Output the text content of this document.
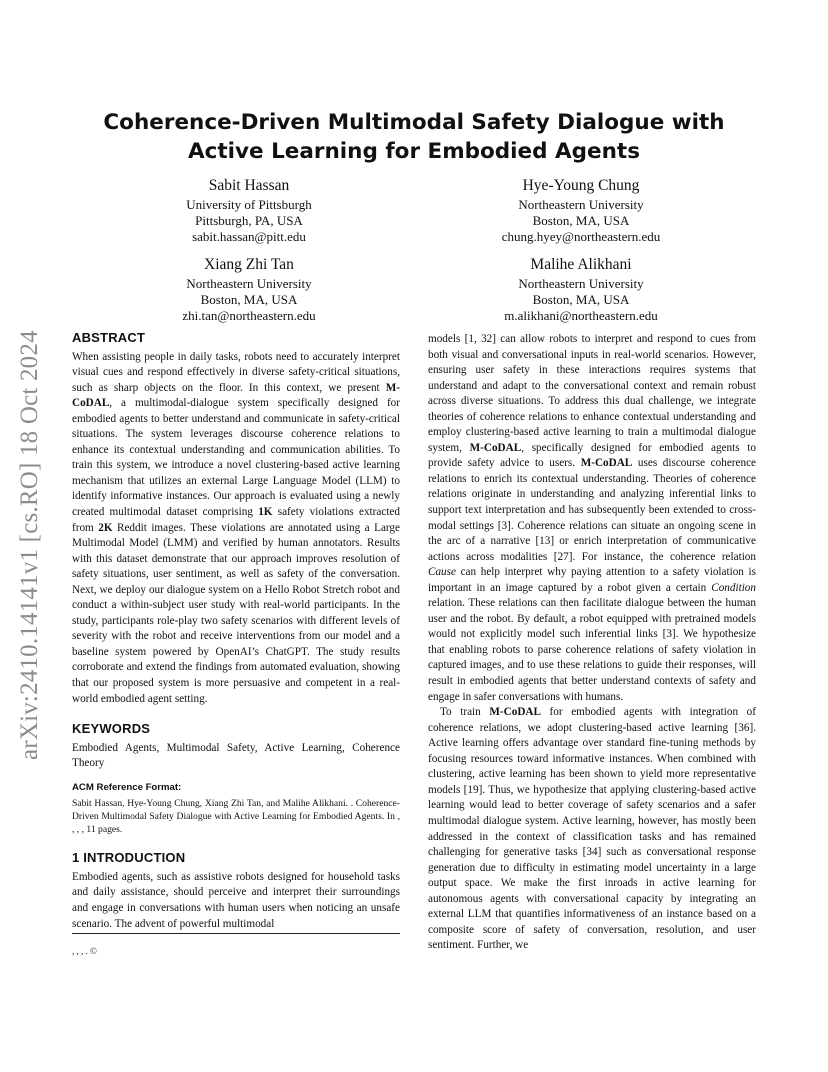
arXiv:2410.14141v1 [cs.RO] 18 Oct 2024
Coherence-Driven Multimodal Safety Dialogue with Active Learning for Embodied Agents
Sabit Hassan
University of Pittsburgh
Pittsburgh, PA, USA
sabit.hassan@pitt.edu
Hye-Young Chung
Northeastern University
Boston, MA, USA
chung.hyey@northeastern.edu
Xiang Zhi Tan
Northeastern University
Boston, MA, USA
zhi.tan@northeastern.edu
Malihe Alikhani
Northeastern University
Boston, MA, USA
m.alikhani@northeastern.edu

ABSTRACT

When assisting people in daily tasks, robots need to accurately interpret visual cues and respond effectively in diverse safety-critical situations, such as sharp objects on the floor. In this context, we present M-CoDAL, a multimodal-dialogue system specifically designed for embodied agents to better understand and communicate in safety-critical situations. The system leverages discourse coherence relations to enhance its contextual understanding and communication abilities. To train this system, we introduce a novel clustering-based active learning mechanism that utilizes an external Large Language Model (LLM) to identify informative instances. Our approach is evaluated using a newly created multimodal dataset comprising 1K safety violations extracted from 2K Reddit images. These violations are annotated using a Large Multimodal Model (LMM) and verified by human annotators. Results with this dataset demonstrate that our approach improves resolution of safety situations, user sentiment, as well as safety of the conversation. Next, we deploy our dialogue system on a Hello Robot Stretch robot and conduct a within-subject user study with real-world participants. In the study, participants role-play two safety scenarios with different levels of severity with the robot and receive interventions from our model and a baseline system powered by OpenAI’s ChatGPT. The study results corroborate and extend the findings from automated evaluation, showing that our proposed system is more persuasive and competent in a real-world embodied agent setting.

KEYWORDS

Embodied Agents, Multimodal Safety, Active Learning, Coherence Theory

ACM Reference Format:

Sabit Hassan, Hye-Young Chung, Xiang Zhi Tan, and Malihe Alikhani. . Coherence-Driven Multimodal Safety Dialogue with Active Learning for Embodied Agents. In , , , , 11 pages.

1 INTRODUCTION

Embodied agents, such as assistive robots designed for household tasks and daily assistance, should perceive and interpret their surroundings and engage in conversations with human users when noticing an unsafe scenario. The advent of powerful multimodal

, , , . ©

models [1, 32] can allow robots to interpret and respond to cues from both visual and conversational inputs in real-world scenarios. However, ensuring user safety in these interactions requires systems that understand and adapt to the conversational context and remain robust across diverse situations. To address this dual challenge, we integrate theories of coherence relations to enhance contextual understanding and employ clustering-based active learning to train a multimodal dialogue system, M-CoDAL, specifically designed for embodied agents to provide safety advice to users. M-CoDAL uses discourse coherence relations to enrich its contextual understanding. Theories of coherence relations originate in understanding and analyzing inferential links to support text interpretation and has subsequently been extended to cross-modal settings [3]. Coherence relations can situate an ongoing scene in the arc of a narrative [13] or enrich interpretation of communicative actions across modalities [27]. For instance, the coherence relation Cause can help interpret why paying attention to a safety violation is important in an image captured by a robot given a certain Condition relation. These relations can then facilitate dialogue between the human user and the robot. By default, a robot equipped with pretrained models would not explicitly model such inferential links [3]. We hypothesize that enabling robots to parse coherence relations of safety violation in captured images, and to use these relations to guide their responses, will result in embodied agents that better understand contexts of safety and engage in safer conversations with humans.

To train M-CoDAL for embodied agents with integration of coherence relations, we adopt clustering-based active learning [36]. Active learning offers advantage over standard fine-tuning methods by focusing resources toward informative instances. When combined with clustering, active learning has been shown to yield more representative models [19]. Thus, we hypothesize that applying clustering-based active learning would lead to better coverage of safety scenarios and a safer multimodal dialogue system. Active learning, however, has mostly been addressed in the context of classification tasks and has remained challenging for generative tasks [34] such as conversational response generation due to difficulty in estimating model uncertainty in a large output space. We make the first inroads in active learning for autonomous agents with conversational capacity by integrating an external LLM that quantifies informativeness of an instance based on a composite score of safety of conversation, resolution, and user sentiment. Further, we
